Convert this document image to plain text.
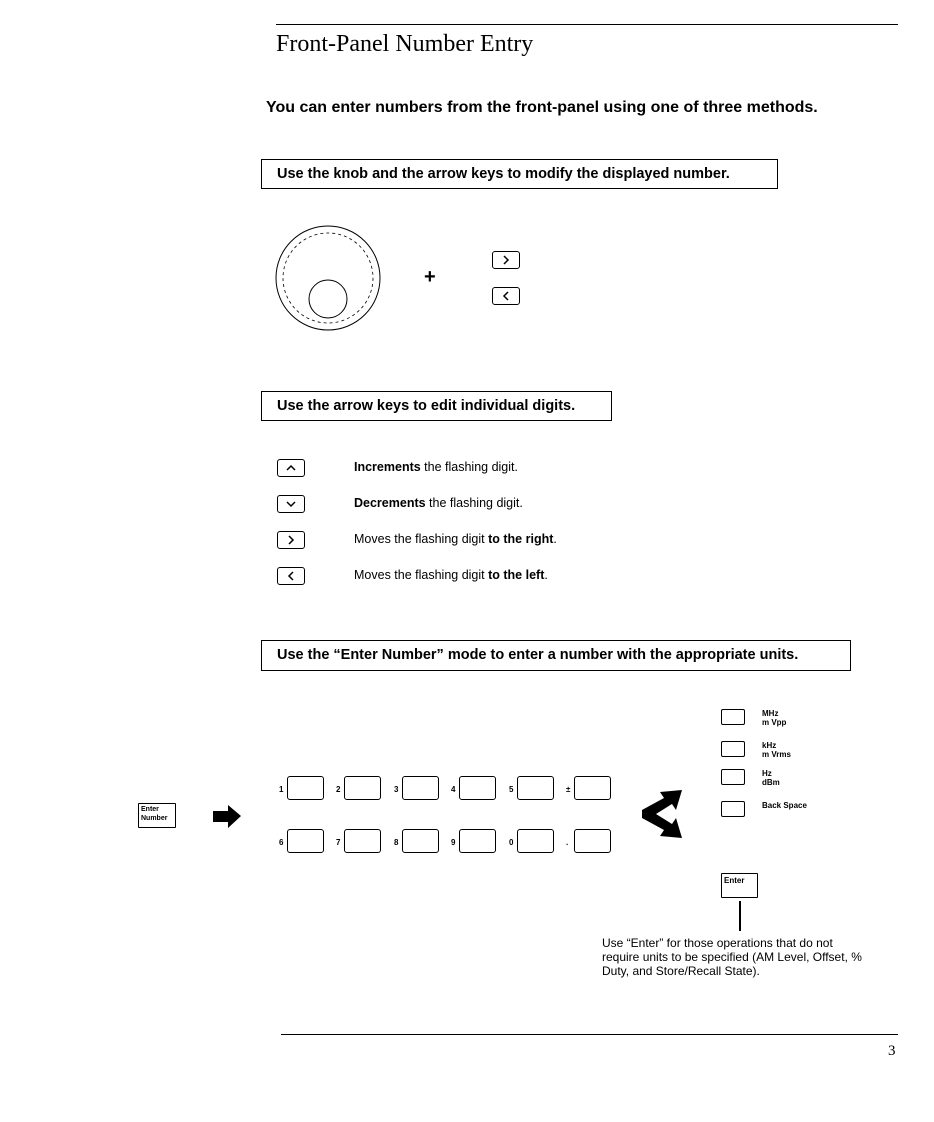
Front-Panel Number Entry
You can enter numbers from the front-panel using one of three methods.
Use the knob and the arrow keys to modify the displayed number.
+
Use the arrow keys to edit individual digits.
Increments the flashing digit.
Decrements the flashing digit.
Moves the flashing digit to the right.
Moves the flashing digit to the left.
Use the “Enter Number” mode to enter a number with the appropriate units.
Enter
Number
1	2	3	4	5	±
6	7	8	9	0	.
MHz
m Vpp
kHz
m Vrms
Hz
dBm
Back Space
Enter
Use “Enter” for those operations that do not require units to be specified (AM Level, Offset, % Duty, and Store/Recall State).
3
